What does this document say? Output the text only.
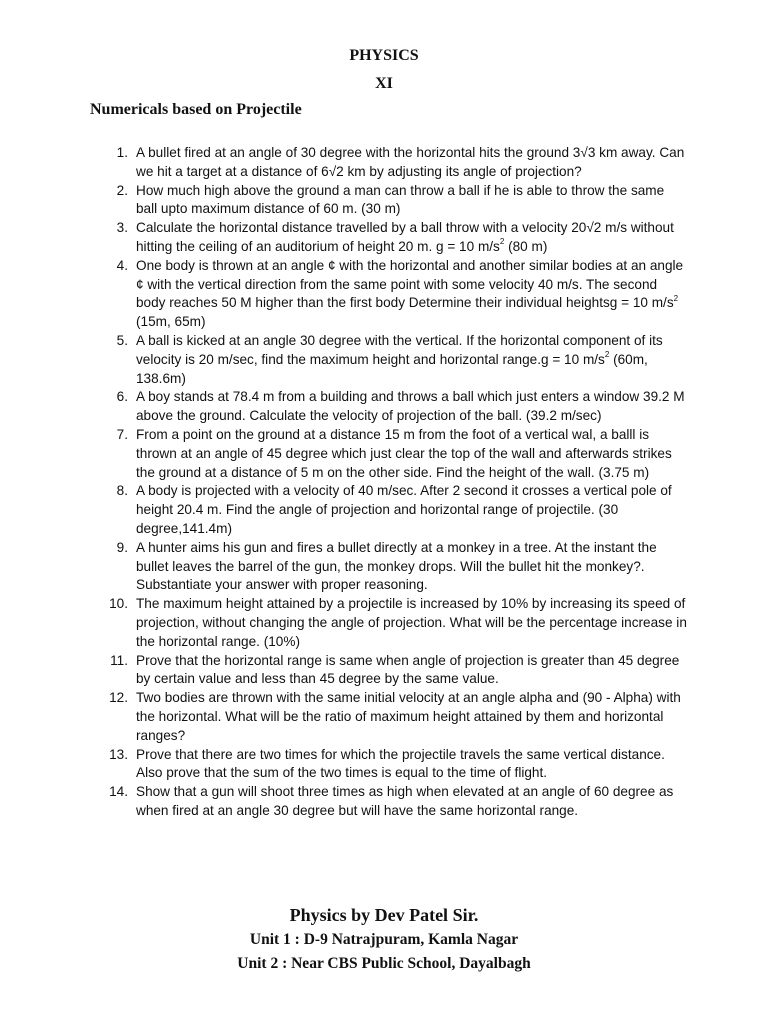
PHYSICS
XI
Numericals based on Projectile
1. A bullet fired at an angle of 30 degree with the horizontal hits the ground 3√3 km away. Can we hit a target at a distance of 6√2 km by adjusting its angle of projection?
2. How much high above the ground a man can throw a ball if he is able to throw the same ball upto maximum distance of 60 m. (30 m)
3. Calculate the horizontal distance travelled by a ball throw with a velocity 20√2 m/s without hitting the ceiling of an auditorium of height 20 m. g = 10 $m/s^2$ (80 m)
4. One body is thrown at an angle ¢ with the horizontal and another similar bodies at an angle ¢ with the vertical direction from the same point with some velocity 40 m/s. The second body reaches 50 M higher than the first body Determine their individual heightsg = 10 $m/s^2$ (15m, 65m)
5. A ball is kicked at an angle 30 degree with the vertical. If the horizontal component of its velocity is 20 m/sec, find the maximum height and horizontal range.g = 10 $m/s^2$ (60m, 138.6m)
6. A boy stands at 78.4 m from a building and throws a ball which just enters a window 39.2 M above the ground. Calculate the velocity of projection of the ball. (39.2 m/sec)
7. From a point on the ground at a distance 15 m from the foot of a vertical wal, a balll is thrown at an angle of 45 degree which just clear the top of the wall and afterwards strikes the ground at a distance of 5 m on the other side. Find the height of the wall. (3.75 m)
8. A body is projected with a velocity of 40 m/sec. After 2 second it crosses a vertical pole of height 20.4 m. Find the angle of projection and horizontal range of projectile. (30 degree,141.4m)
9. A hunter aims his gun and fires a bullet directly at a monkey in a tree. At the instant the bullet leaves the barrel of the gun, the monkey drops. Will the bullet hit the monkey?. Substantiate your answer with proper reasoning.
10. The maximum height attained by a projectile is increased by 10% by increasing its speed of projection, without changing the angle of projection. What will be the percentage increase in the horizontal range. (10%)
11. Prove that the horizontal range is same when angle of projection is greater than 45 degree by certain value and less than 45 degree by the same value.
12. Two bodies are thrown with the same initial velocity at an angle alpha and (90 - Alpha) with the horizontal. What will be the ratio of maximum height attained by them and horizontal ranges?
13. Prove that there are two times for which the projectile travels the same vertical distance. Also prove that the sum of the two times is equal to the time of flight.
14. Show that a gun will shoot three times as high when elevated at an angle of 60 degree as when fired at an angle 30 degree but will have the same horizontal range.
Physics by Dev Patel Sir.
Unit 1 : D-9 Natrajpuram, Kamla Nagar
Unit 2 : Near CBS Public School, Dayalbagh
